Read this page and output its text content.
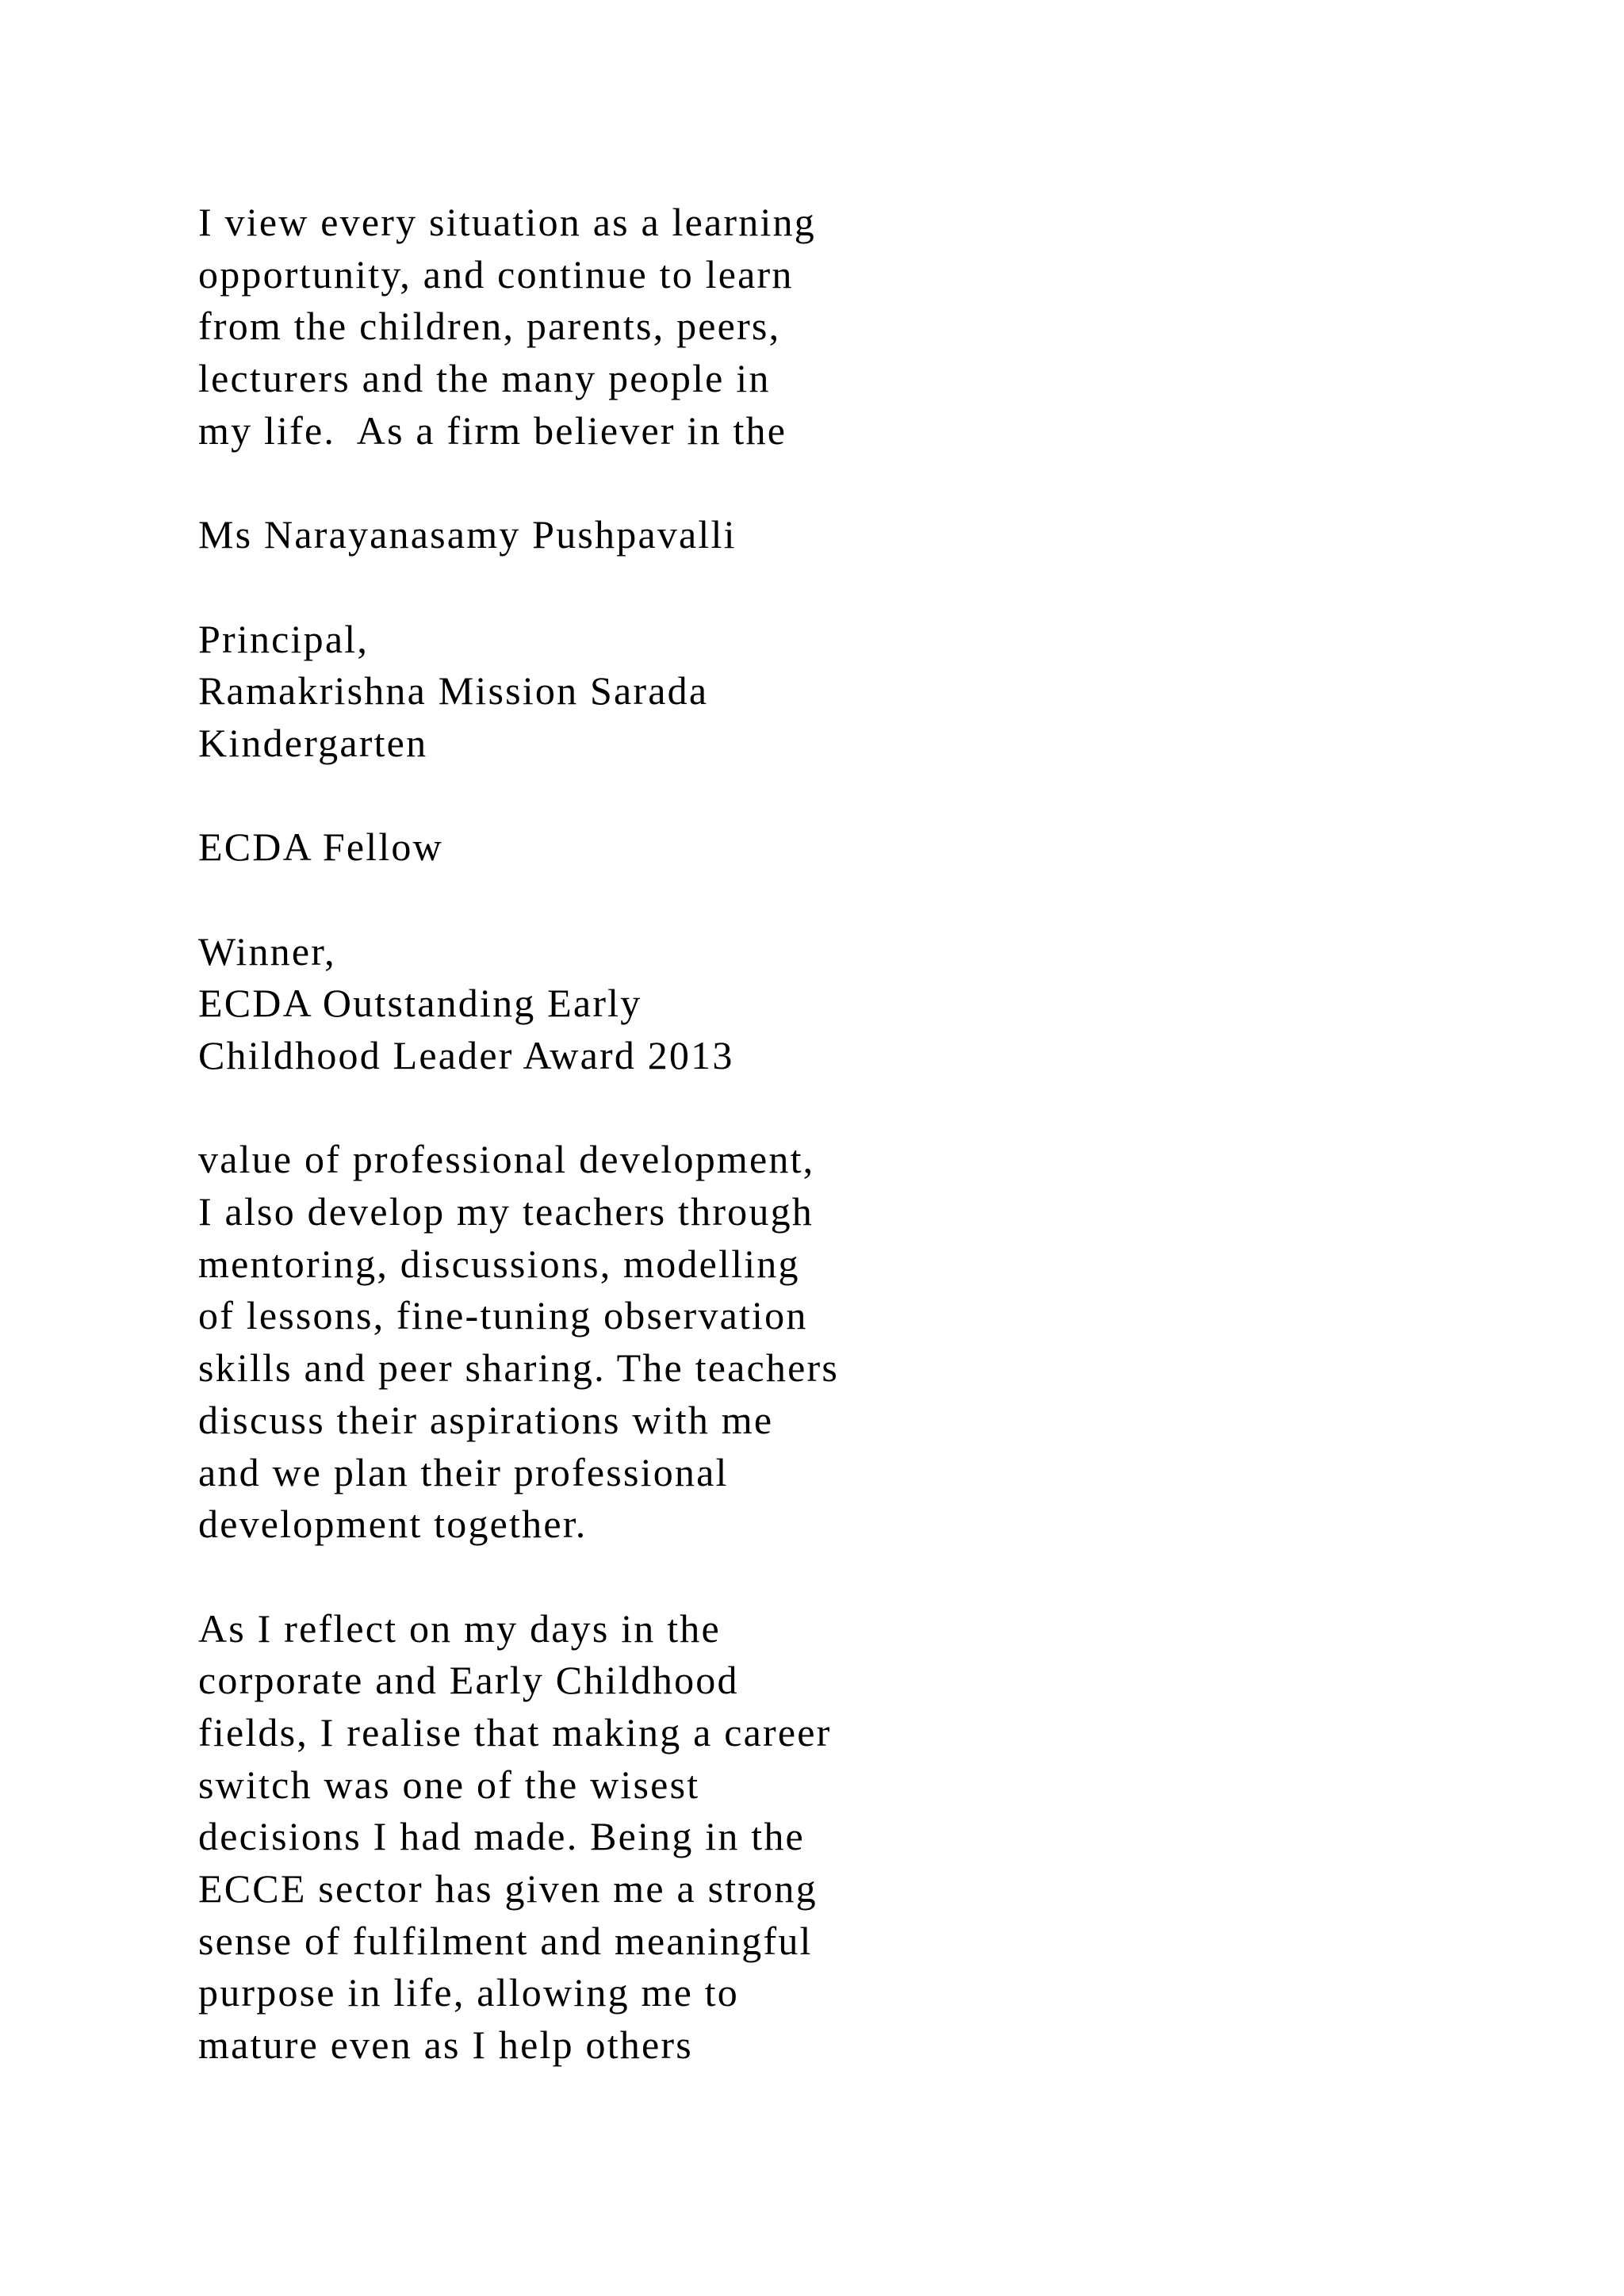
I view every situation as a learning
opportunity, and continue to learn
from the children, parents, peers,
lecturers and the many people in
my life.  As a firm believer in the
Ms Narayanasamy Pushpavalli
Principal,
Ramakrishna Mission Sarada
Kindergarten
ECDA Fellow
Winner,
ECDA Outstanding Early
Childhood Leader Award 2013
value of professional development,
I also develop my teachers through
mentoring, discussions, modelling
of lessons, fine-tuning observation
skills and peer sharing. The teachers
discuss their aspirations with me
and we plan their professional
development together.
As I reflect on my days in the
corporate and Early Childhood
fields, I realise that making a career
switch was one of the wisest
decisions I had made. Being in the
ECCE sector has given me a strong
sense of fulfilment and meaningful
purpose in life, allowing me to
mature even as I help others
